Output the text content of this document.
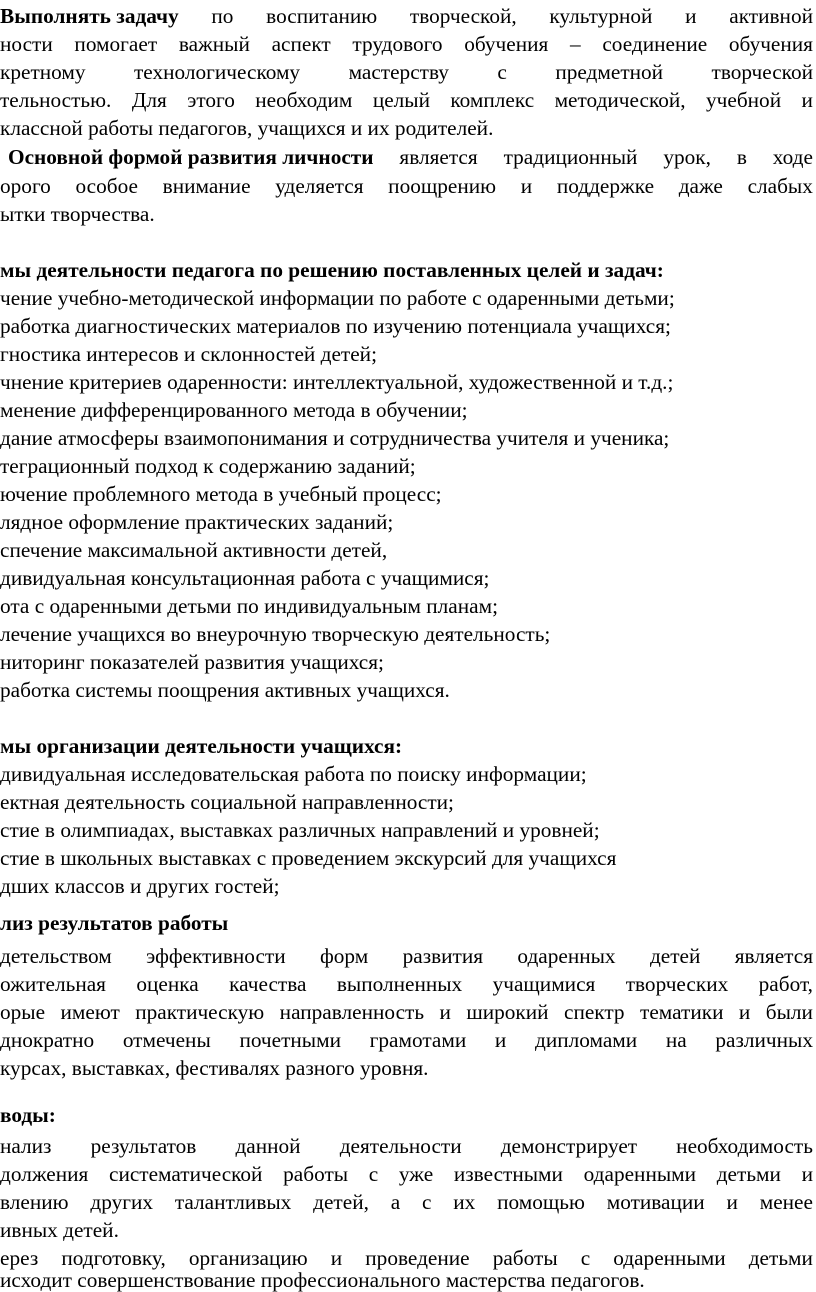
Выполнять задачу по воспитанию творческой, культурной и активной
ности помогает важный аспект трудового обучения – соединение обучения
кретному технологическому мастерству с предметной творческой
тельностью. Для этого необходим целый комплекс методической, учебной и
классной работы педагогов, учащихся и их родителей.
Основной формой развития личности является традиционный урок, в ходе
орого особое внимание уделяется поощрению и поддержке даже слабых
ытки творчества.
мы деятельности педагога по решению поставленных целей и задач:
чение учебно-методической информации по работе с одаренными детьми;
работка диагностических материалов по изучению потенциала учащихся;
гностика интересов и склонностей детей;
чнение критериев одаренности: интеллектуальной, художественной и т.д.;
менение дифференцированного метода в обучении;
дание атмосферы взаимопонимания и сотрудничества учителя и ученика;
теграционный подход к содержанию заданий;
ючение проблемного метода в учебный процесс;
лядное оформление практических заданий;
спечение максимальной активности детей,
дивидуальная консультационная работа с учащимися;
ота с одаренными детьми по индивидуальным планам;
лечение учащихся во внеурочную творческую деятельность;
ниторинг показателей развития учащихся;
работка системы поощрения активных учащихся.
мы организации деятельности учащихся:
дивидуальная исследовательская работа по поиску информации;
ектная деятельность социальной направленности;
стие в олимпиадах, выставках различных направлений и уровней;
стие в школьных выставках с проведением экскурсий для учащихся
дших классов и других гостей;
лиз результатов работы
детельством эффективности форм развития одаренных детей является
ожительная оценка качества выполненных учащимися творческих работ,
орые имеют практическую направленность и широкий спектр тематики и были
днократно отмечены почетными грамотами и дипломами на различных
курсах, выставках, фестивалях разного уровня.
воды:
нализ результатов данной деятельности демонстрирует необходимость
должения систематической работы с уже известными одаренными детьми и
влению других талантливых детей, а с их помощью мотивации и менее
ивных детей.
ерез подготовку, организацию и проведение работы с одаренными детьми
исходит совершенствование профессионального мастерства педагогов.
